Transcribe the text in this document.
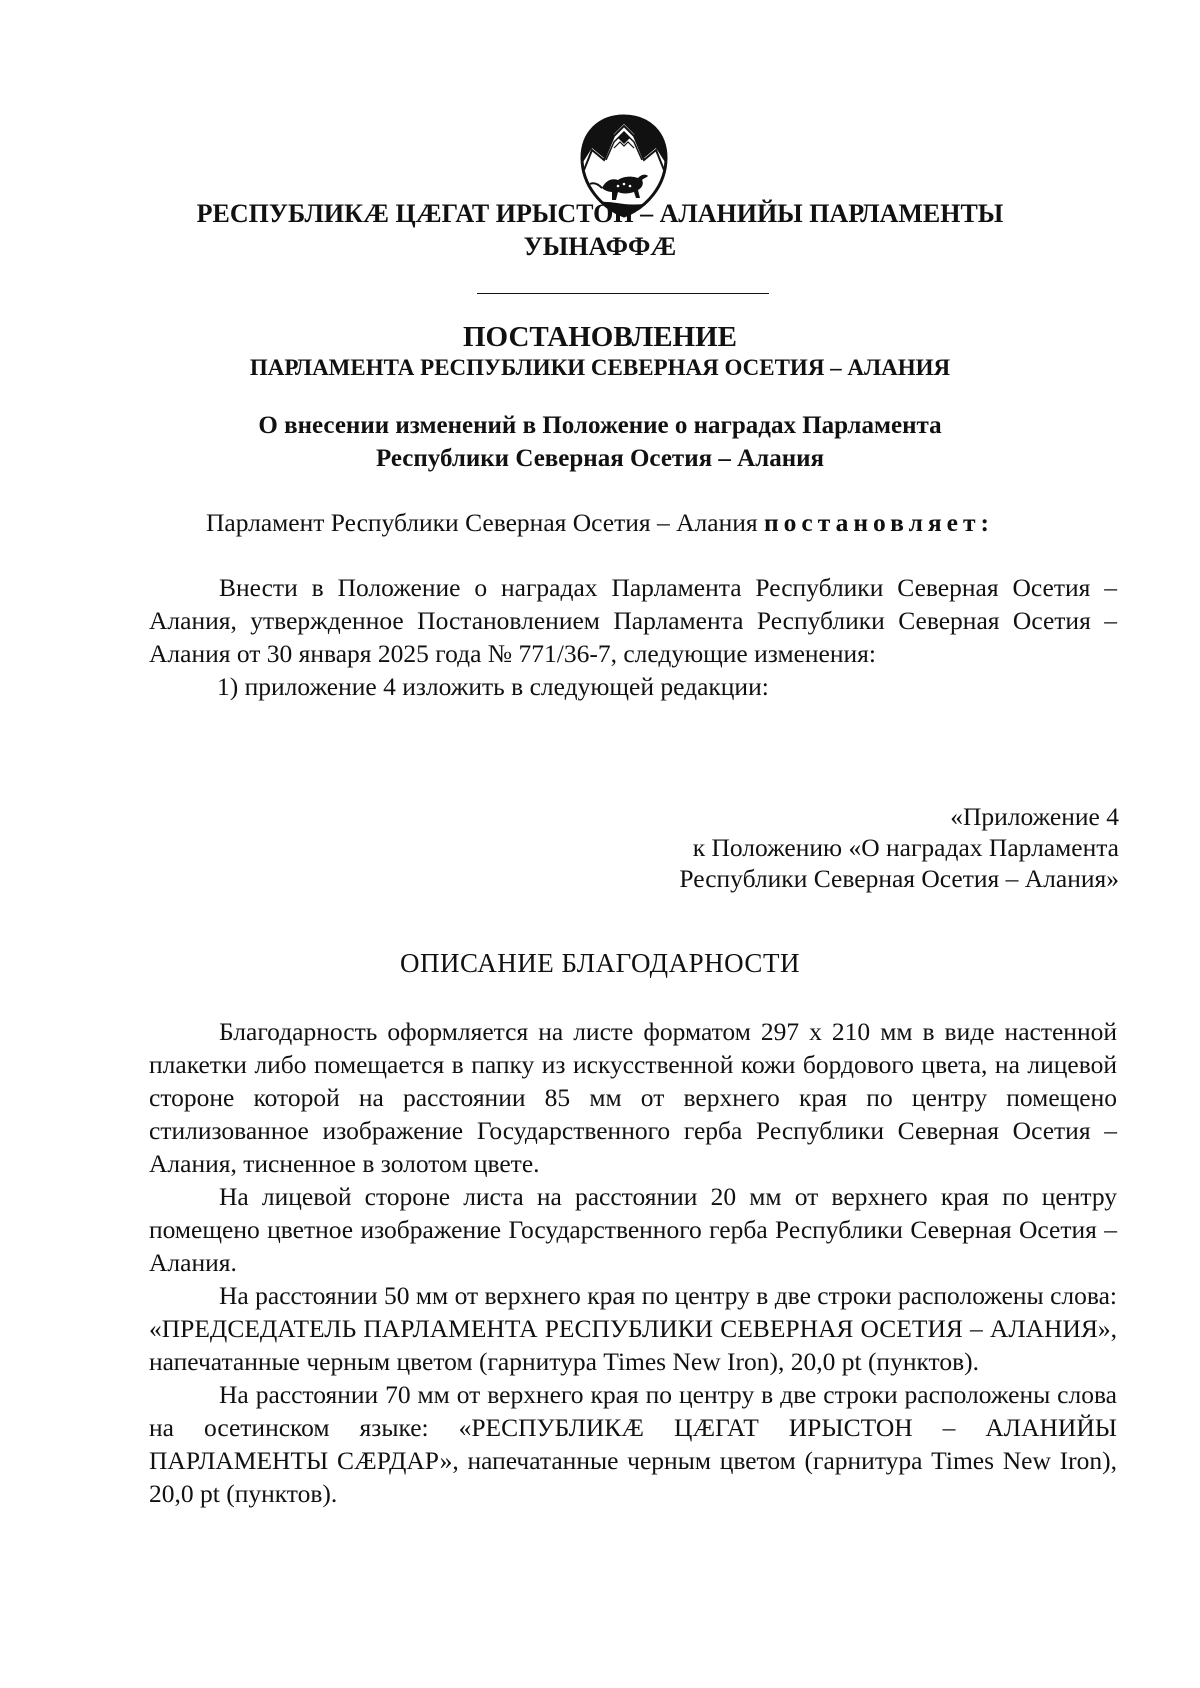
РЕСПУБЛИКӔ ЦӔГАТ ИРЫСТОН – АЛАНИЙЫ ПАРЛАМЕНТЫ
УЫНАФФӔ
ПОСТАНОВЛЕНИЕ
ПАРЛАМЕНТА РЕСПУБЛИКИ СЕВЕРНАЯ ОСЕТИЯ – АЛАНИЯ
О внесении изменений в Положение о наградах Парламента
Республики Северная Осетия – Алания
Парламент Республики Северная Осетия – Алания постановляет:

Внести в Положение о наградах Парламента Республики Северная Осетия – Алания, утвержденное Постановлением Парламента Республики Северная Осетия – Алания от 30 января 2025 года № 771/36-7, следующие изменения:

1) приложение 4 изложить в следующей редакции:

«Приложение 4
к Положению «О наградах Парламента
Республики Северная Осетия – Алания»
ОПИСАНИЕ БЛАГОДАРНОСТИ

Благодарность оформляется на листе форматом 297 х 210 мм в виде настенной плакетки либо помещается в папку из искусственной кожи бордового цвета, на лицевой стороне которой на расстоянии 85 мм от верхнего края по центру помещено стилизованное изображение Государственного герба Республики Северная Осетия – Алания, тисненное в золотом цвете.

На лицевой стороне листа на расстоянии 20 мм от верхнего края по центру помещено цветное изображение Государственного герба Республики Северная Осетия – Алания.

На расстоянии 50 мм от верхнего края по центру в две строки расположены слова: «ПРЕДСЕДАТЕЛЬ ПАРЛАМЕНТА РЕСПУБЛИКИ СЕВЕРНАЯ ОСЕТИЯ – АЛАНИЯ», напечатанные черным цветом (гарнитура Times New Iron), 20,0 pt (пунктов).

На расстоянии 70 мм от верхнего края по центру в две строки расположены слова на осетинском языке: «РЕСПУБЛИКӔ ЦӔГАТ ИРЫСТОН – АЛАНИЙЫ ПАРЛАМЕНТЫ СӔРДАР», напечатанные черным цветом (гарнитура Times New Iron), 20,0 pt (пунктов).
